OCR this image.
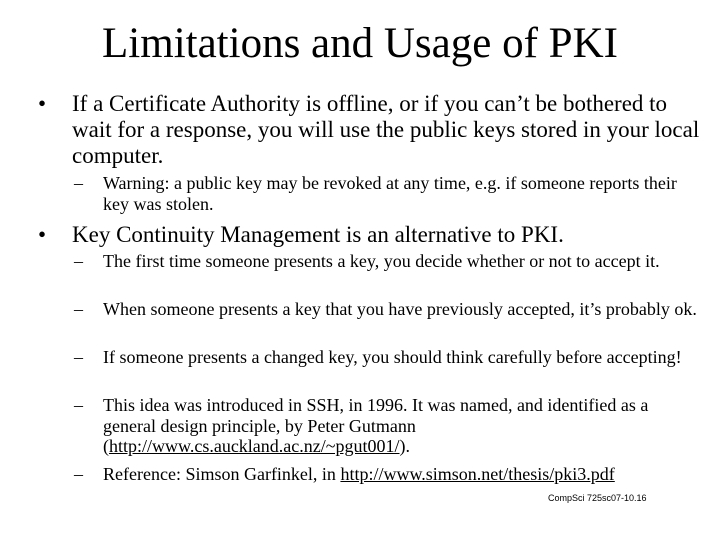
Limitations and Usage of PKI
• If a Certificate Authority is offline, or if you can’t be bothered to wait for a response, you will use the public keys stored in your local computer.
– Warning: a public key may be revoked at any time, e.g. if someone reports their key was stolen.
• Key Continuity Management is an alternative to PKI.
– The first time someone presents a key, you decide whether or not to accept it.
– When someone presents a key that you have previously accepted, it’s probably ok.
– If someone presents a changed key, you should think carefully before accepting!
– This idea was introduced in SSH, in 1996. It was named, and identified as a general design principle, by Peter Gutmann (http://www.cs.auckland.ac.nz/~pgut001/).
– Reference: Simson Garfinkel, in http://www.simson.net/thesis/pki3.pdf
CompSci 725sc07-10.16
